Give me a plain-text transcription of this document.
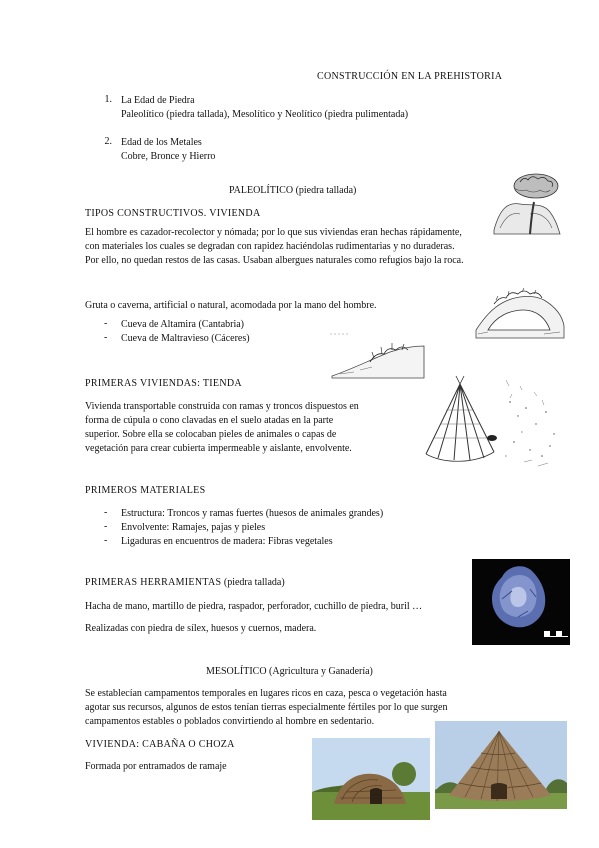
CONSTRUCCIÓN EN LA PREHISTORIA
1. La Edad de Piedra
Paleolítico (piedra tallada), Mesolítico y Neolítico (piedra pulimentada)
2. Edad de los Metales
Cobre, Bronce y Hierro
PALEOLÍTICO (piedra tallada)
TIPOS CONSTRUCTIVOS. VIVIENDA
El hombre es cazador-recolector y nómada; por lo que sus viviendas eran hechas rápidamente,
con materiales los cuales se degradan con rapidez haciéndolas rudimentarias y no duraderas.
Por ello, no quedan restos de las casas. Usaban albergues naturales como refugios bajo la roca.
Gruta o caverna, artificial o natural, acomodada por la mano del hombre.
- Cueva de Altamira (Cantabria)
- Cueva de Maltravieso (Cáceres)
PRIMERAS VIVIENDAS: TIENDA
Vivienda transportable construida con ramas y troncos dispuestos en
forma de cúpula o cono clavadas en el suelo atadas en la parte
superior. Sobre ella se colocaban pieles de animales o capas de
vegetación para crear cubierta impermeable y aislante, envolvente.
PRIMEROS MATERIALES
- Estructura: Troncos y ramas fuertes (huesos de animales grandes)
- Envolvente: Ramajes, pajas y pieles
- Ligaduras en encuentros de madera: Fibras vegetales
PRIMERAS HERRAMIENTAS (piedra tallada)
Hacha de mano, martillo de piedra, raspador, perforador, cuchillo de piedra, buril …
Realizadas con piedra de sílex, huesos y cuernos, madera.
MESOLÍTICO (Agricultura y Ganadería)
Se establecían campamentos temporales en lugares ricos en caza, pesca o vegetación hasta
agotar sus recursos, algunos de estos tenían tierras especialmente fértiles por lo que surgen
campamentos estables o poblados convirtiendo al hombre en sedentario.
VIVIENDA: CABAÑA O CHOZA
Formada por entramados de ramaje
